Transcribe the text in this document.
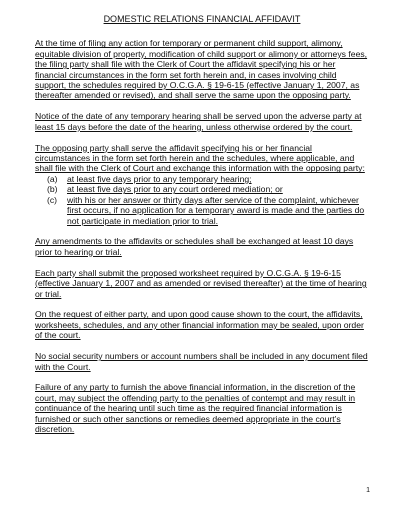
DOMESTIC RELATIONS FINANCIAL AFFIDAVIT

At the time of filing any action for temporary or permanent child support, alimony, equitable division of property, modification of child support or alimony or attorneys fees, the filing party shall file with the Clerk of Court the affidavit specifying his or her financial circumstances in the form set forth herein and, in cases involving child support, the schedules required by O.C.G.A. § 19-6-15 (effective January 1, 2007, as thereafter amended or revised), and shall serve the same upon the opposing party.

Notice of the date of any temporary hearing shall be served upon the adverse party at least 15 days before the date of the hearing, unless otherwise ordered by the court.

The opposing party shall serve the affidavit specifying his or her financial circumstances in the form set forth herein and the schedules, where applicable, and shall file with the Clerk of Court and exchange this information with the opposing party:

(a)	at least five days prior to any temporary hearing;
(b)	at least five days prior to any court ordered mediation; or
(c)	with his or her answer or thirty days after service of the complaint, whichever first occurs, if no application for a temporary award is made and the parties do not participate in mediation prior to trial.

Any amendments to the affidavits or schedules shall be exchanged at least 10 days prior to hearing or trial.

Each party shall submit the proposed worksheet required by O.C.G.A. § 19-6-15 (effective January 1, 2007 and as amended or revised thereafter) at the time of hearing or trial.

On the request of either party, and upon good cause shown to the court, the affidavits, worksheets, schedules, and any other financial information may be sealed, upon order of the court.

No social security numbers or account numbers shall be included in any document filed with the Court.

Failure of any party to furnish the above financial information, in the discretion of the court, may subject the offending party to the penalties of contempt and may result in continuance of the hearing until such time as the required financial information is furnished or such other sanctions or remedies deemed appropriate in the court’s discretion.

1
